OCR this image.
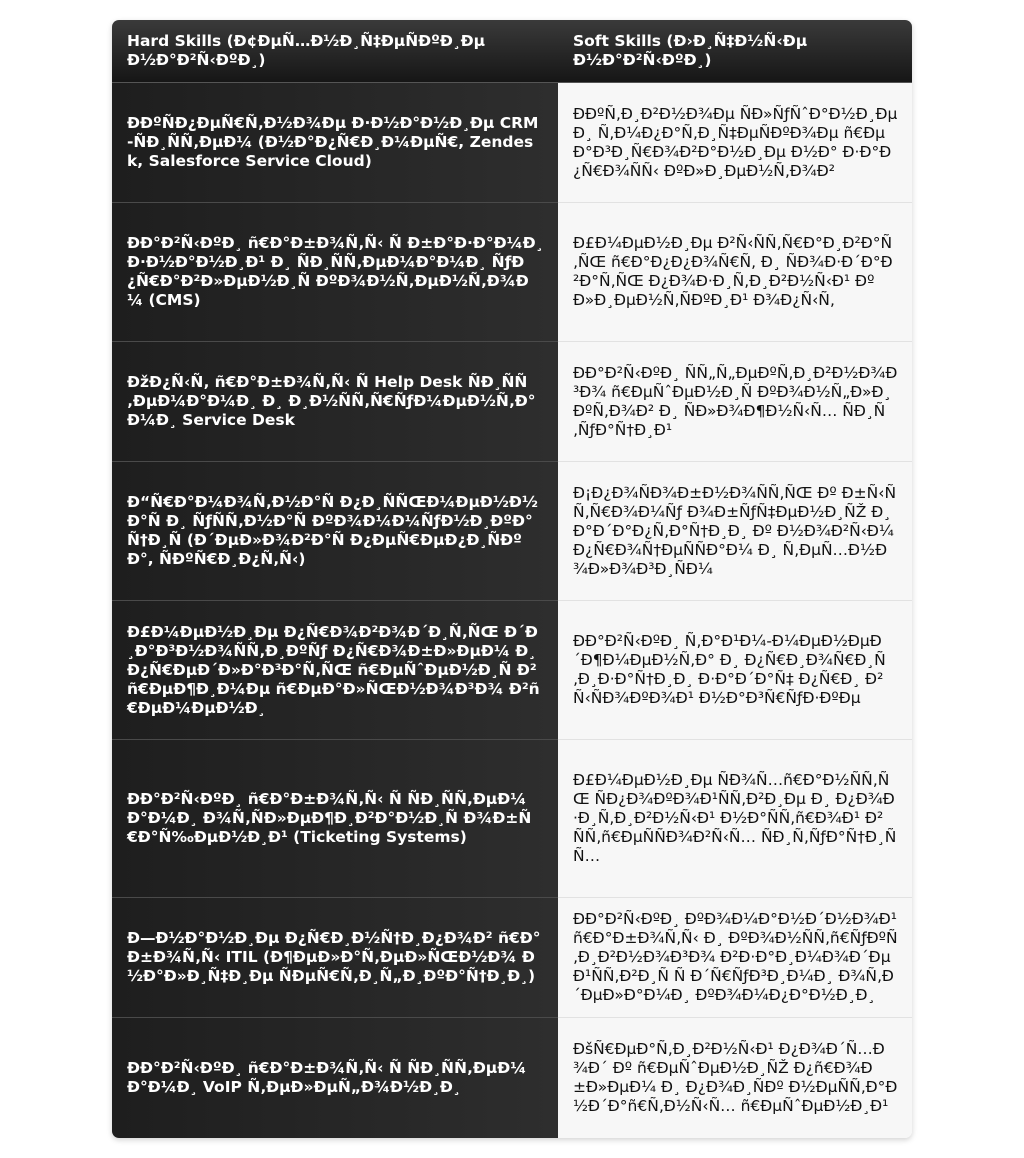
Hard Skills (Ð¢ÐµÑ…Ð½Ð¸Ñ‡ÐµÑÐºÐ¸Ðµ Ð½Ð°Ð²Ñ‹ÐºÐ¸)	Soft Skills (Ð›Ð¸Ñ‡Ð½Ñ‹Ðµ Ð½Ð°Ð²Ñ‹ÐºÐ¸)
ÐÐºÑÐ¿ÐµÑ€Ñ‚Ð½Ð¾Ðµ Ð·Ð½Ð°Ð½Ð¸Ðµ CRM-ÑÐ¸ÑÑ‚ÐµÐ¼ (Ð½Ð°Ð¿Ñ€Ð¸Ð¼ÐµÑ€, Zendesk, Salesforce Service Cloud)	ÐÐºÑ‚Ð¸Ð²Ð½Ð¾Ðµ ÑÐ»ÑƒÑˆÐ°Ð½Ð¸Ðµ Ð¸ Ñ‚Ð¼Ð¿Ð°Ñ‚Ð¸Ñ‡ÐµÑÐºÐ¾Ðµ ñ€ÐµÐ°Ð³Ð¸Ñ€Ð¾Ð²Ð°Ð½Ð¸Ðµ Ð½Ð° Ð·Ð°Ð¿Ñ€Ð¾ÑÑ‹ ÐºÐ»Ð¸ÐµÐ½Ñ‚Ð¾Ð²
ÐÐ°Ð²Ñ‹ÐºÐ¸ ñ€Ð°Ð±Ð¾Ñ‚Ñ‹ Ñ Ð±Ð°Ð·Ð°Ð¼Ð¸ Ð·Ð½Ð°Ð½Ð¸Ð¹ Ð¸ ÑÐ¸ÑÑ‚ÐµÐ¼Ð°Ð¼Ð¸ ÑƒÐ¿Ñ€Ð°Ð²Ð»ÐµÐ½Ð¸Ñ ÐºÐ¾Ð½Ñ‚ÐµÐ½Ñ‚Ð¾Ð¼ (CMS)	Ð£Ð¼ÐµÐ½Ð¸Ðµ Ð²Ñ‹ÑÑ‚Ñ€Ð°Ð¸Ð²Ð°Ñ‚ÑŒ ñ€Ð°Ð¿Ð¿Ð¾Ñ€Ñ‚ Ð¸ ÑÐ¾Ð·Ð´Ð°Ð²Ð°Ñ‚ÑŒ Ð¿Ð¾Ð·Ð¸Ñ‚Ð¸Ð²Ð½Ñ‹Ð¹ ÐºÐ»Ð¸ÐµÐ½Ñ‚ÑÐºÐ¸Ð¹ Ð¾Ð¿Ñ‹Ñ‚
ÐžÐ¿Ñ‹Ñ‚ ñ€Ð°Ð±Ð¾Ñ‚Ñ‹ Ñ Help Desk ÑÐ¸ÑÑ‚ÐµÐ¼Ð°Ð¼Ð¸ Ð¸ Ð¸Ð½ÑÑ‚Ñ€ÑƒÐ¼ÐµÐ½Ñ‚Ð°Ð¼Ð¸ Service Desk	ÐÐ°Ð²Ñ‹ÐºÐ¸ ÑÑ„Ñ„ÐµÐºÑ‚Ð¸Ð²Ð½Ð¾Ð³Ð¾ ñ€ÐµÑˆÐµÐ½Ð¸Ñ ÐºÐ¾Ð½Ñ„Ð»Ð¸ÐºÑ‚Ð¾Ð² Ð¸ ÑÐ»Ð¾Ð¶Ð½Ñ‹Ñ… ÑÐ¸Ñ‚ÑƒÐ°Ñ†Ð¸Ð¹
Ð“Ñ€Ð°Ð¼Ð¾Ñ‚Ð½Ð°Ñ Ð¿Ð¸ÑÑŒÐ¼ÐµÐ½Ð½Ð°Ñ Ð¸ ÑƒÑÑ‚Ð½Ð°Ñ ÐºÐ¾Ð¼Ð¼ÑƒÐ½Ð¸ÐºÐ°Ñ†Ð¸Ñ (Ð´ÐµÐ»Ð¾Ð²Ð°Ñ Ð¿ÐµÑ€ÐµÐ¿Ð¸ÑÐºÐ°, ÑÐºÑ€Ð¸Ð¿Ñ‚Ñ‹)	Ð¡Ð¿Ð¾ÑÐ¾Ð±Ð½Ð¾ÑÑ‚ÑŒ Ðº Ð±Ñ‹ÑÑ‚Ñ€Ð¾Ð¼Ñƒ Ð¾Ð±ÑƒÑ‡ÐµÐ½Ð¸ÑŽ Ð¸ Ð°Ð´Ð°Ð¿Ñ‚Ð°Ñ†Ð¸Ð¸ Ðº Ð½Ð¾Ð²Ñ‹Ð¼ Ð¿Ñ€Ð¾Ñ†ÐµÑÑÐ°Ð¼ Ð¸ Ñ‚ÐµÑ…Ð½Ð¾Ð»Ð¾Ð³Ð¸ÑÐ¼
Ð£Ð¼ÐµÐ½Ð¸Ðµ Ð¿Ñ€Ð¾Ð²Ð¾Ð´Ð¸Ñ‚ÑŒ Ð´Ð¸Ð°Ð³Ð½Ð¾ÑÑ‚Ð¸ÐºÑƒ Ð¿Ñ€Ð¾Ð±Ð»ÐµÐ¼ Ð¸ Ð¿Ñ€ÐµÐ´Ð»Ð°Ð³Ð°Ñ‚ÑŒ ñ€ÐµÑˆÐµÐ½Ð¸Ñ Ð² ñ€ÐµÐ¶Ð¸Ð¼Ðµ ñ€ÐµÐ°Ð»ÑŒÐ½Ð¾Ð³Ð¾ Ð²ñ€ÐµÐ¼ÐµÐ½Ð¸	ÐÐ°Ð²Ñ‹ÐºÐ¸ Ñ‚Ð°Ð¹Ð¼-Ð¼ÐµÐ½ÐµÐ´Ð¶Ð¼ÐµÐ½Ñ‚Ð° Ð¸ Ð¿Ñ€Ð¸Ð¾Ñ€Ð¸Ñ‚Ð¸Ð·Ð°Ñ†Ð¸Ð¸ Ð·Ð°Ð´Ð°Ñ‡ Ð¿Ñ€Ð¸ Ð²Ñ‹ÑÐ¾ÐºÐ¾Ð¹ Ð½Ð°Ð³Ñ€ÑƒÐ·ÐºÐµ
ÐÐ°Ð²Ñ‹ÐºÐ¸ ñ€Ð°Ð±Ð¾Ñ‚Ñ‹ Ñ ÑÐ¸ÑÑ‚ÐµÐ¼Ð°Ð¼Ð¸ Ð¾Ñ‚ÑÐ»ÐµÐ¶Ð¸Ð²Ð°Ð½Ð¸Ñ Ð¾Ð±Ñ€Ð°Ñ‰ÐµÐ½Ð¸Ð¹ (Ticketing Systems)	Ð£Ð¼ÐµÐ½Ð¸Ðµ ÑÐ¾Ñ…ñ€Ð°Ð½ÑÑ‚ÑŒ ÑÐ¿Ð¾ÐºÐ¾Ð¹ÑÑ‚Ð²Ð¸Ðµ Ð¸ Ð¿Ð¾Ð·Ð¸Ñ‚Ð¸Ð²Ð½Ñ‹Ð¹ Ð½Ð°ÑÑ‚ñ€Ð¾Ð¹ Ð² ÑÑ‚ñ€ÐµÑÑÐ¾Ð²Ñ‹Ñ… ÑÐ¸Ñ‚ÑƒÐ°Ñ†Ð¸ÑÑ…
Ð—Ð½Ð°Ð½Ð¸Ðµ Ð¿Ñ€Ð¸Ð½Ñ†Ð¸Ð¿Ð¾Ð² ñ€Ð°Ð±Ð¾Ñ‚Ñ‹ ITIL (Ð¶ÐµÐ»Ð°Ñ‚ÐµÐ»ÑŒÐ½Ð¾ Ð½Ð°Ð»Ð¸Ñ‡Ð¸Ðµ ÑÐµÑ€Ñ‚Ð¸Ñ„Ð¸ÐºÐ°Ñ†Ð¸Ð¸)	ÐÐ°Ð²Ñ‹ÐºÐ¸ ÐºÐ¾Ð¼Ð°Ð½Ð´Ð½Ð¾Ð¹ ñ€Ð°Ð±Ð¾Ñ‚Ñ‹ Ð¸ ÐºÐ¾Ð½ÑÑ‚ñ€ÑƒÐºÑ‚Ð¸Ð²Ð½Ð¾Ð³Ð¾ Ð²Ð·Ð°Ð¸Ð¼Ð¾Ð´ÐµÐ¹ÑÑ‚Ð²Ð¸Ñ Ñ Ð´Ñ€ÑƒÐ³Ð¸Ð¼Ð¸ Ð¾Ñ‚Ð´ÐµÐ»Ð°Ð¼Ð¸ ÐºÐ¾Ð¼Ð¿Ð°Ð½Ð¸Ð¸
ÐÐ°Ð²Ñ‹ÐºÐ¸ ñ€Ð°Ð±Ð¾Ñ‚Ñ‹ Ñ ÑÐ¸ÑÑ‚ÐµÐ¼Ð°Ð¼Ð¸ VoIP Ñ‚ÐµÐ»ÐµÑ„Ð¾Ð½Ð¸Ð¸	ÐšÑ€ÐµÐ°Ñ‚Ð¸Ð²Ð½Ñ‹Ð¹ Ð¿Ð¾Ð´Ñ…Ð¾Ð´ Ðº ñ€ÐµÑˆÐµÐ½Ð¸ÑŽ Ð¿ñ€Ð¾Ð±Ð»ÐµÐ¼ Ð¸ Ð¿Ð¾Ð¸ÑÐº Ð½ÐµÑÑ‚Ð°Ð½Ð´Ð°ñ€Ñ‚Ð½Ñ‹Ñ… ñ€ÐµÑˆÐµÐ½Ð¸Ð¹
